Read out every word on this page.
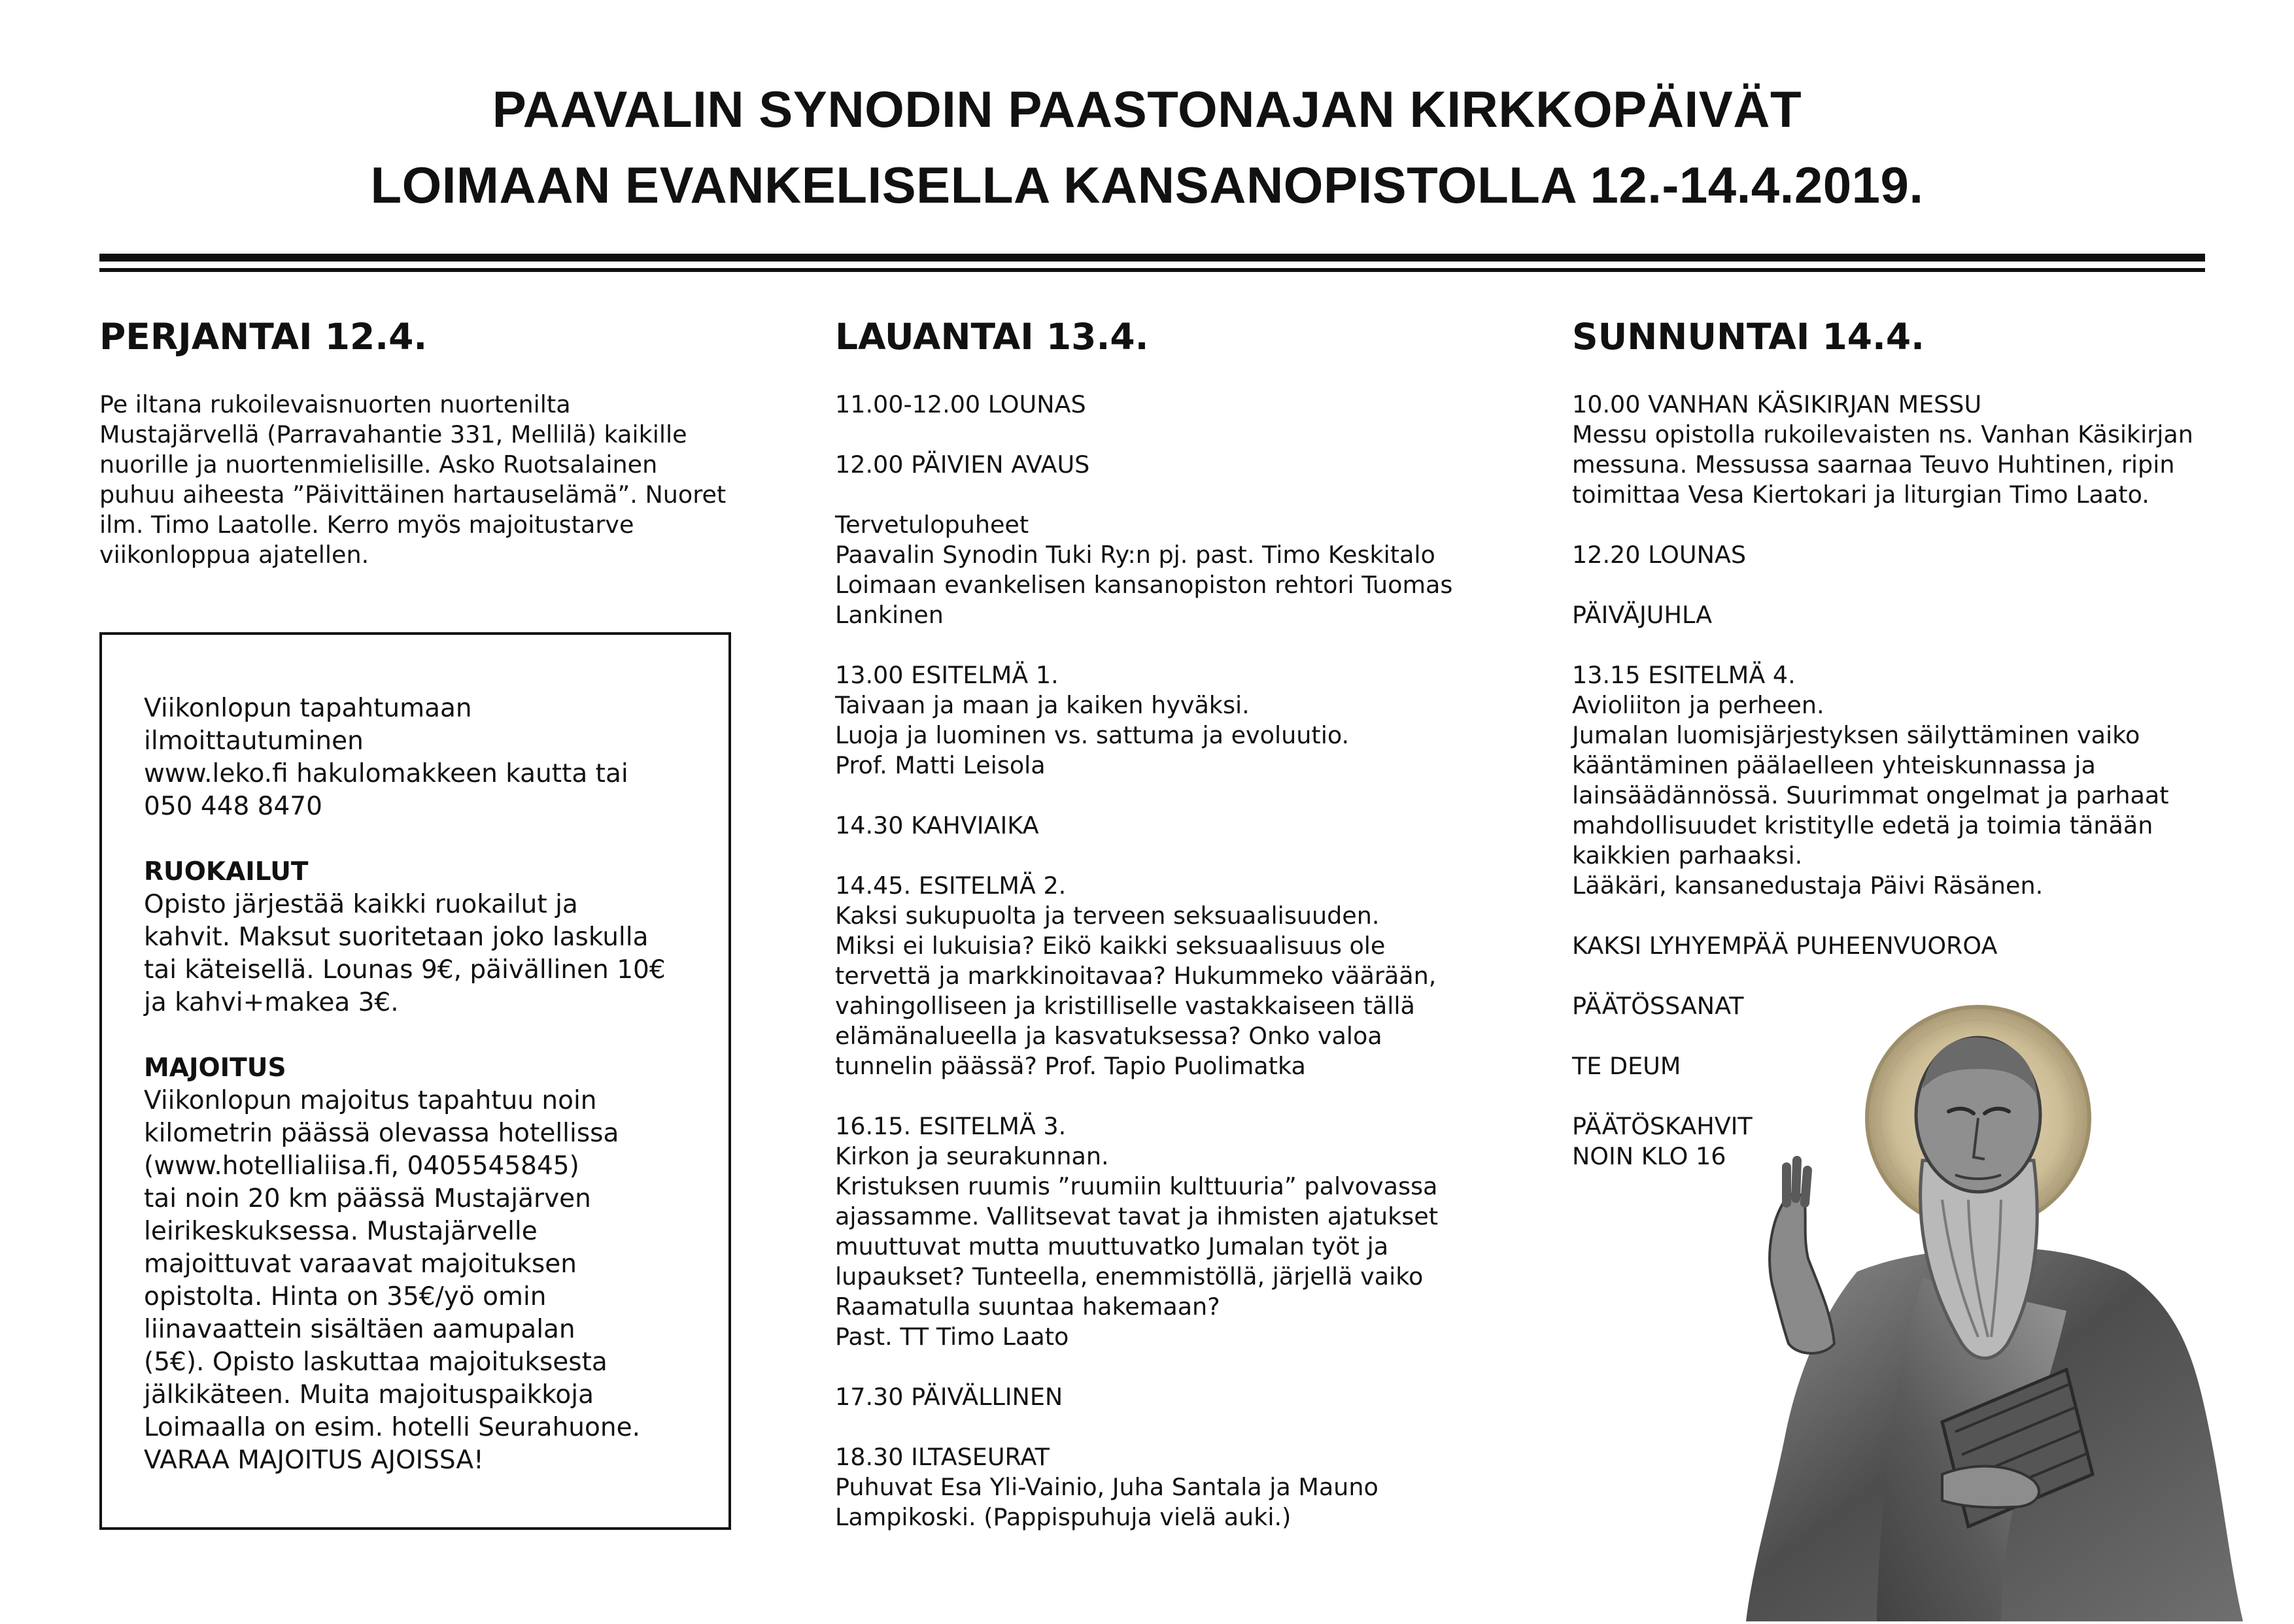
PAAVALIN SYNODIN PAASTONAJAN KIRKKOPÄIVÄT
LOIMAAN EVANKELISELLA KANSANOPISTOLLA 12.-14.4.2019.
PERJANTAI 12.4.

Pe iltana rukoilevaisnuorten nuortenilta
Mustajärvellä (Parravahantie 331, Mellilä) kaikille
nuorille ja nuortenmielisille. Asko Ruotsalainen
puhuu aiheesta ”Päivittäinen hartauselämä”. Nuoret
ilm. Timo Laatolle. Kerro myös majoitustarve
viikonloppua ajatellen.

Viikonlopun tapahtumaan
ilmoittautuminen
www.leko.fi hakulomakkeen kautta tai
050 448 8470

RUOKAILUT

Opisto järjestää kaikki ruokailut ja
kahvit. Maksut suoritetaan joko laskulla
tai käteisellä. Lounas 9€, päivällinen 10€
ja kahvi+makea 3€.

MAJOITUS

Viikonlopun majoitus tapahtuu noin
kilometrin päässä olevassa hotellissa
(www.hotellialiisa.fi, 0405545845)
tai noin 20 km päässä Mustajärven
leirikeskuksessa. Mustajärvelle
majoittuvat varaavat majoituksen
opistolta. Hinta on 35€/yö omin
liinavaattein sisältäen aamupalan
(5€). Opisto laskuttaa majoituksesta
jälkikäteen. Muita majoituspaikkoja
Loimaalla on esim. hotelli Seurahuone.
VARAA MAJOITUS AJOISSA!

LAUANTAI 13.4.

11.00-12.00 LOUNAS

12.00 PÄIVIEN AVAUS

Tervetulopuheet
Paavalin Synodin Tuki Ry:n pj. past. Timo Keskitalo
Loimaan evankelisen kansanopiston rehtori Tuomas
Lankinen

13.00 ESITELMÄ 1.
Taivaan ja maan ja kaiken hyväksi.
Luoja ja luominen vs. sattuma ja evoluutio.
Prof. Matti Leisola

14.30 KAHVIAIKA

14.45. ESITELMÄ 2.
Kaksi sukupuolta ja terveen seksuaalisuuden.
Miksi ei lukuisia? Eikö kaikki seksuaalisuus ole
tervettä ja markkinoitavaa? Hukummeko väärään,
vahingolliseen ja kristilliselle vastakkaiseen tällä
elämänalueella ja kasvatuksessa? Onko valoa
tunnelin päässä? Prof. Tapio Puolimatka

16.15. ESITELMÄ 3.
Kirkon ja seurakunnan.
Kristuksen ruumis ”ruumiin kulttuuria” palvovassa
ajassamme. Vallitsevat tavat ja ihmisten ajatukset
muuttuvat mutta muuttuvatko Jumalan työt ja
lupaukset? Tunteella, enemmistöllä, järjellä vaiko
Raamatulla suuntaa hakemaan?
Past. TT Timo Laato

17.30 PÄIVÄLLINEN

18.30 ILTASEURAT
Puhuvat Esa Yli-Vainio, Juha Santala ja Mauno
Lampikoski. (Pappispuhuja vielä auki.)

SUNNUNTAI 14.4.

10.00 VANHAN KÄSIKIRJAN MESSU
Messu opistolla rukoilevaisten ns. Vanhan Käsikirjan
messuna. Messussa saarnaa Teuvo Huhtinen, ripin
toimittaa Vesa Kiertokari ja liturgian Timo Laato.

12.20 LOUNAS

PÄIVÄJUHLA

13.15 ESITELMÄ 4.
Avioliiton ja perheen.
Jumalan luomisjärjestyksen säilyttäminen vaiko
kääntäminen päälaelleen yhteiskunnassa ja
lainsäädännössä. Suurimmat ongelmat ja parhaat
mahdollisuudet kristitylle edetä ja toimia tänään
kaikkien parhaaksi.
Lääkäri, kansanedustaja Päivi Räsänen.

KAKSI LYHYEMPÄÄ PUHEENVUOROA

PÄÄTÖSSANAT

TE DEUM

PÄÄTÖSKAHVIT
NOIN KLO 16
